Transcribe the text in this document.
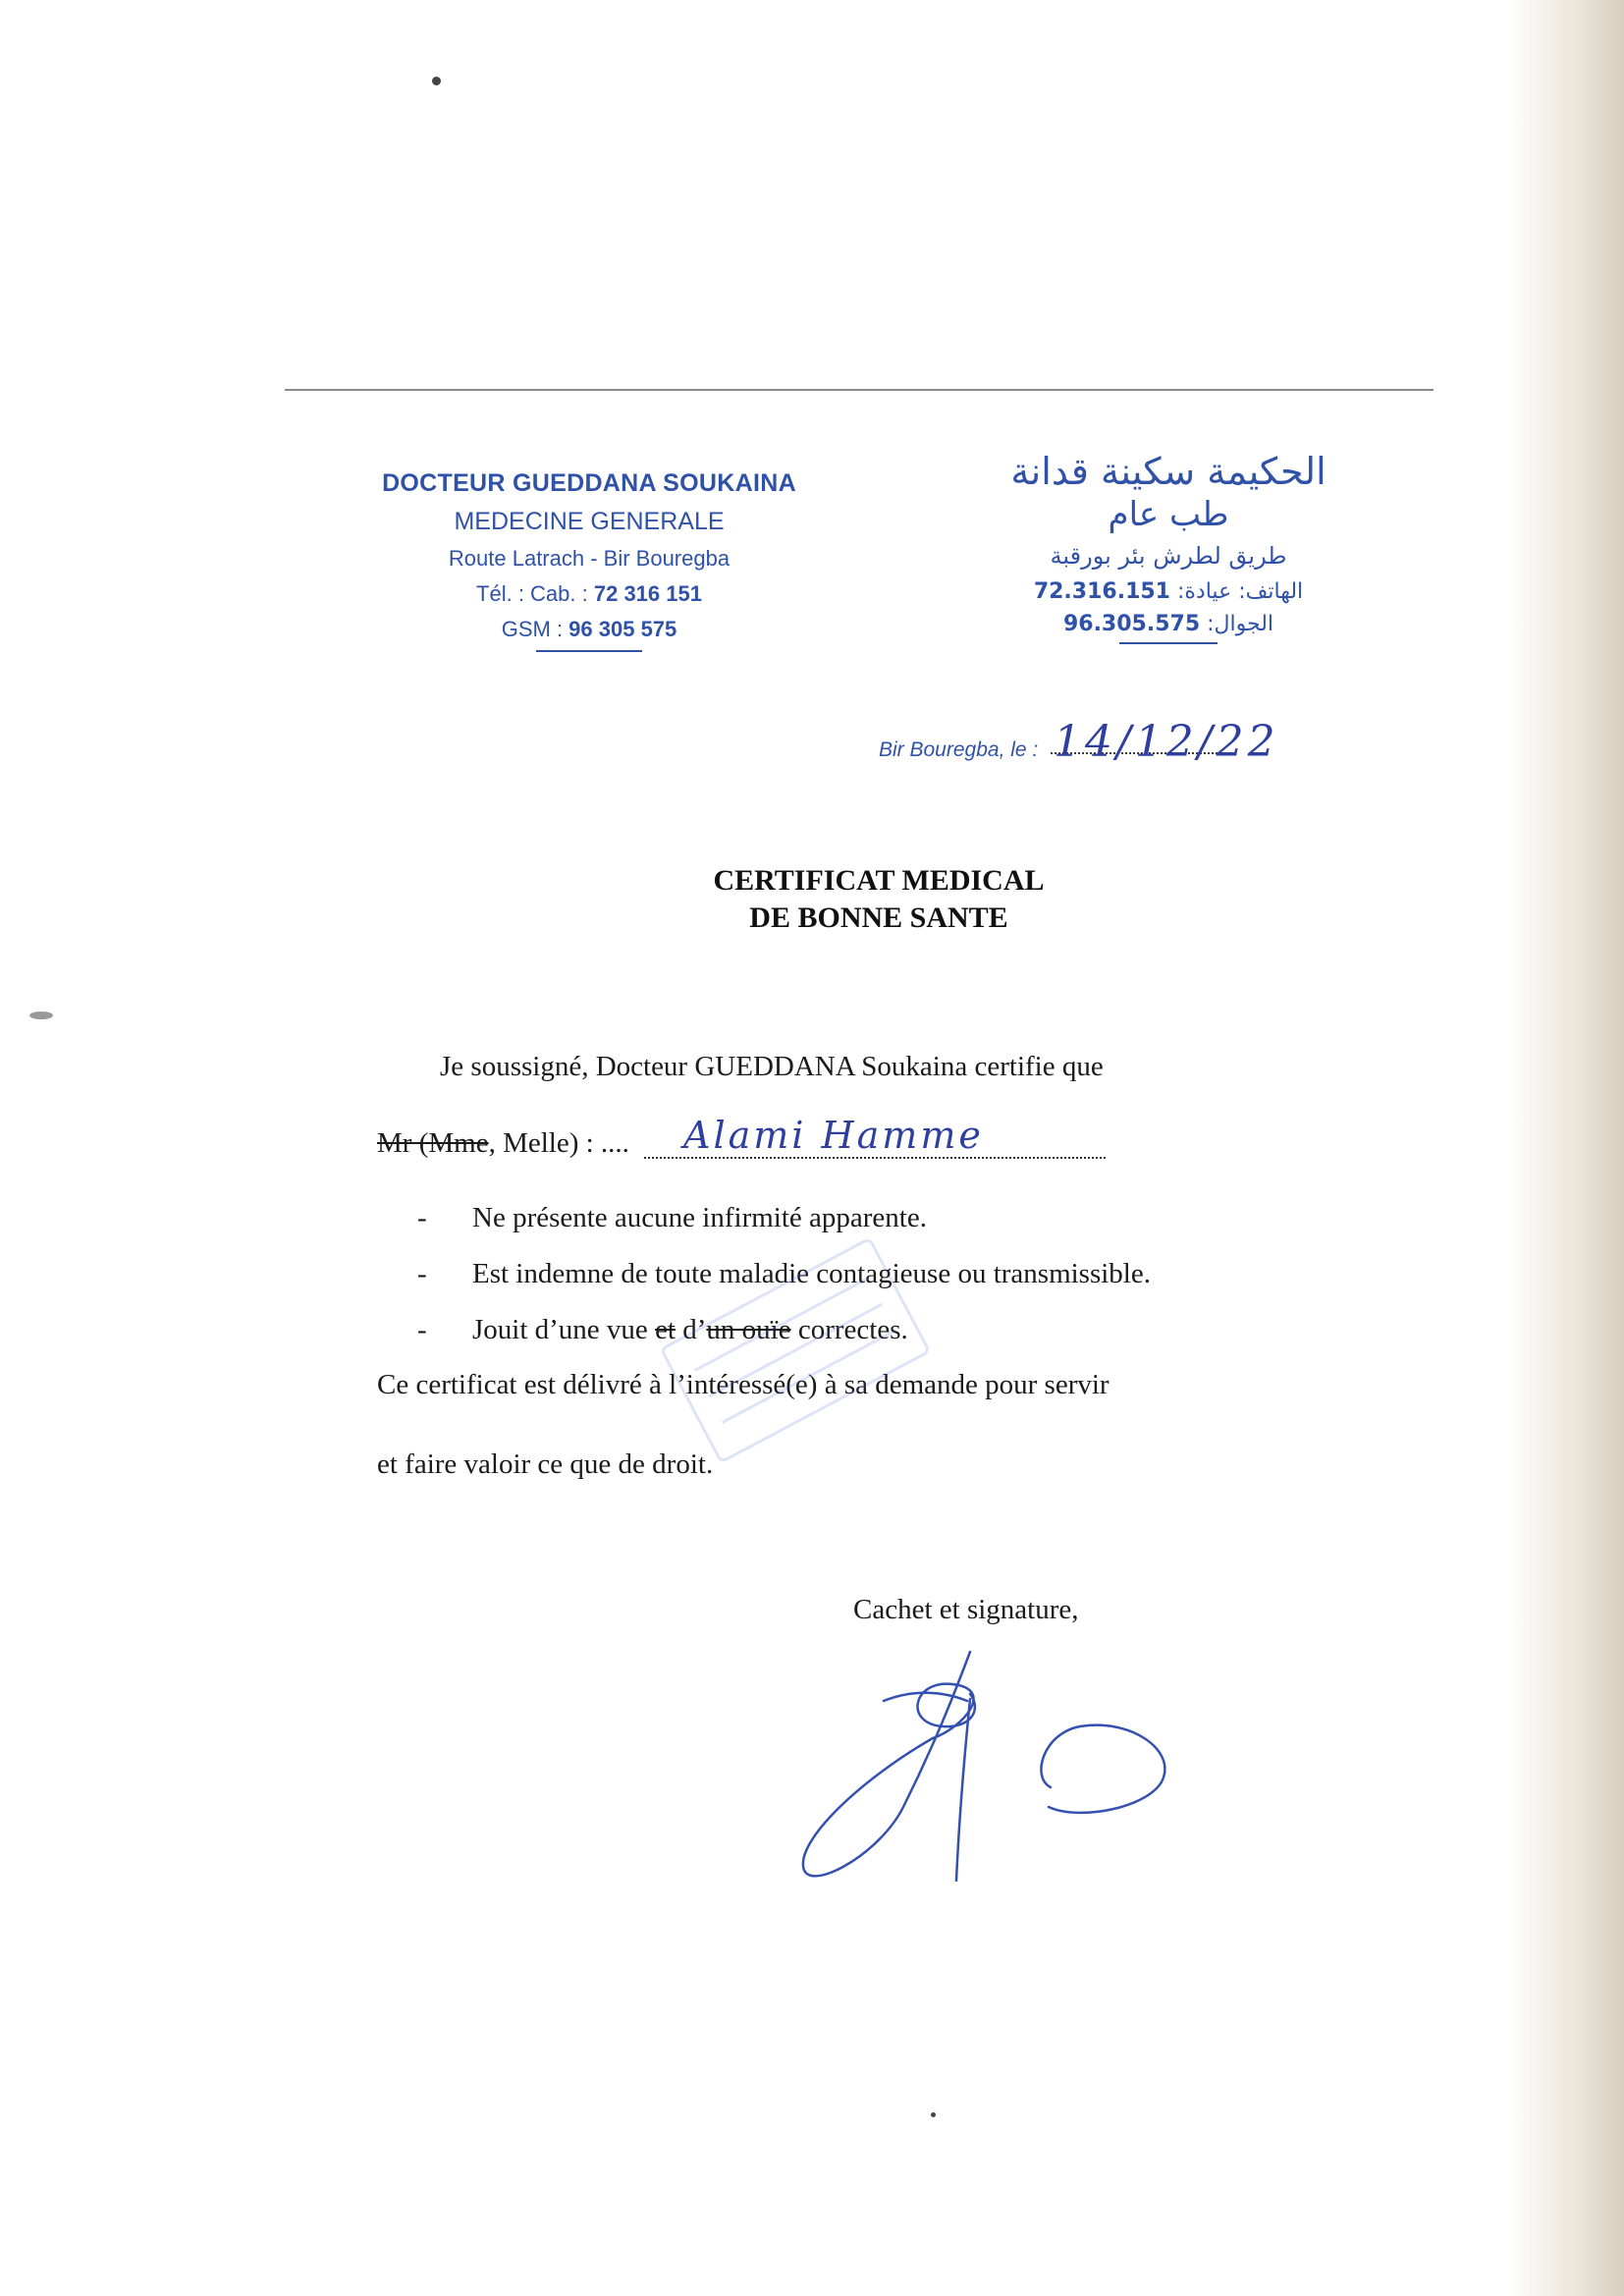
DOCTEUR GUEDDANA SOUKAINA
MEDECINE GENERALE
Route Latrach - Bir Bouregba
Tél. : Cab. : 72 316 151
GSM : 96 305 575
الحكيمة سكينة قدانة
طب عام
طريق لطرش بئر بورقبة
الهاتف: عيادة: 72.316.151
الجوال: 96.305.575
Bir Bouregba, le : 14/12/22
CERTIFICAT MEDICAL
DE BONNE SANTE
Je soussigné, Docteur GUEDDANA Soukaina certifie que
Mr (Mme, Melle) : .... Alami Hamme
- Ne présente aucune infirmité apparente.
- Est indemne de toute maladie contagieuse ou transmissible.
- Jouit d’une vue et d’un ouïe correctes.
Ce certificat est délivré à l’intéressé(e) à sa demande pour servir
et faire valoir ce que de droit.
Cachet et signature,
